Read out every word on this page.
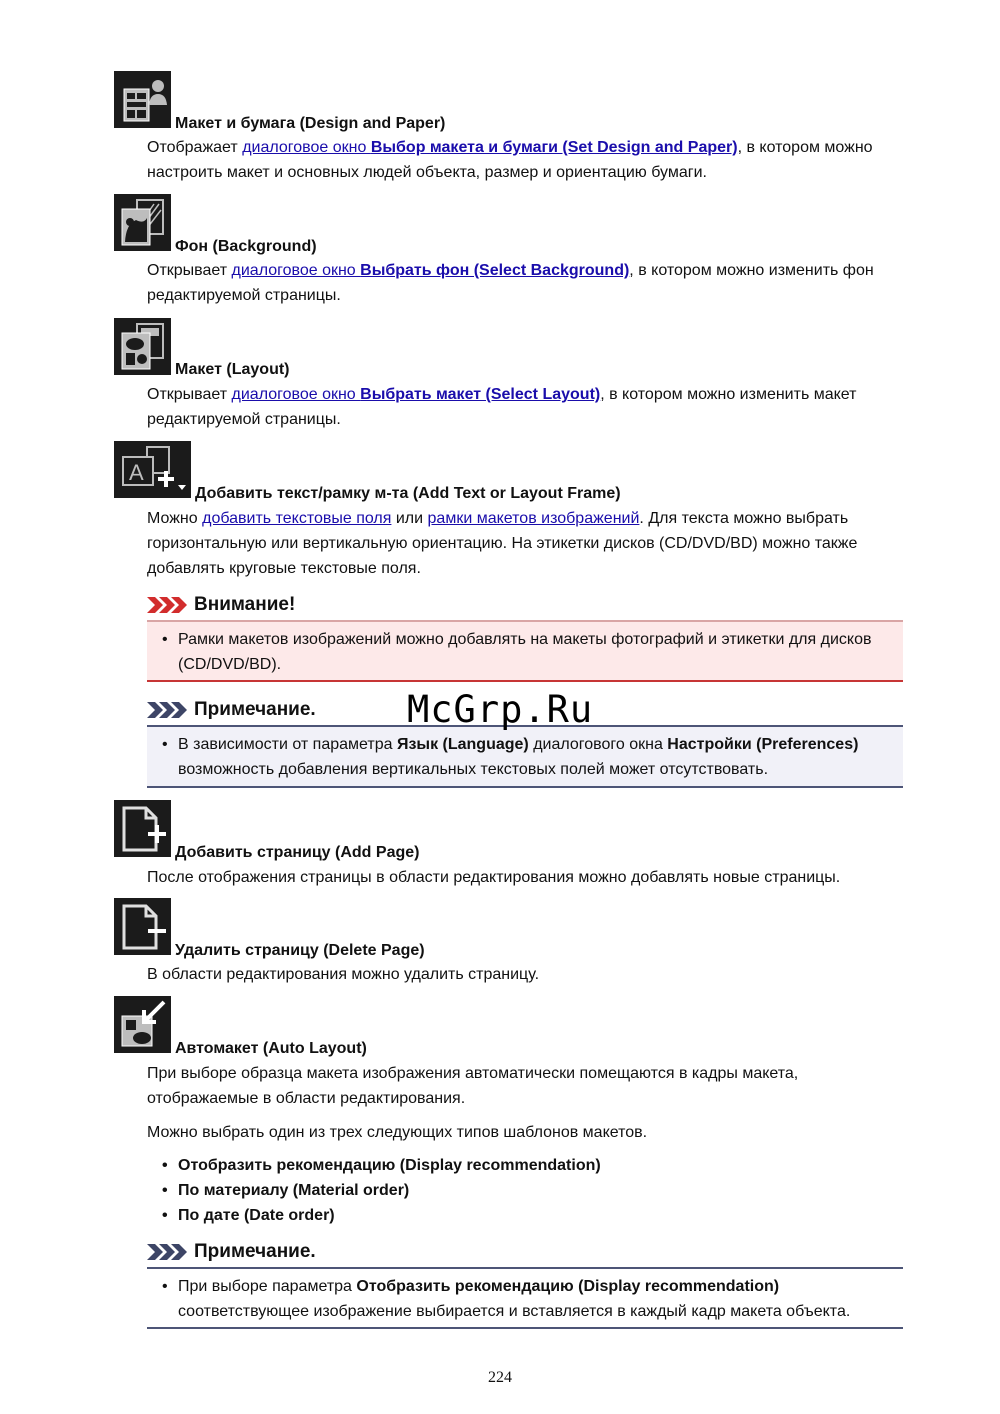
Макет и бумага (Design and Paper)
Отображает диалоговое окно Выбор макета и бумаги (Set Design and Paper), в котором можно настроить макет и основных людей объекта, размер и ориентацию бумаги.
Фон (Background)
Открывает диалоговое окно Выбрать фон (Select Background), в котором можно изменить фон редактируемой страницы.
Макет (Layout)
Открывает диалоговое окно Выбрать макет (Select Layout), в котором можно изменить макет редактируемой страницы.
A
Добавить текст/рамку м-та (Add Text or Layout Frame)
Можно добавить текстовые поля или рамки макетов изображений. Для текста можно выбрать горизонтальную или вертикальную ориентацию. На этикетки дисков (CD/DVD/BD) можно также добавлять круговые текстовые поля.
Внимание!
• Рамки макетов изображений можно добавлять на макеты фотографий и этикетки для дисков (CD/DVD/BD).
Примечание.
• В зависимости от параметра Язык (Language) диалогового окна Настройки (Preferences) возможность добавления вертикальных текстовых полей может отсутствовать.
McGrp.Ru
Добавить страницу (Add Page)
После отображения страницы в области редактирования можно добавлять новые страницы.
Удалить страницу (Delete Page)
В области редактирования можно удалить страницу.
Автомакет (Auto Layout)
При выборе образца макета изображения автоматически помещаются в кадры макета, отображаемые в области редактирования.
Можно выбрать один из трех следующих типов шаблонов макетов.
• Отобразить рекомендацию (Display recommendation)
• По материалу (Material order)
• По дате (Date order)
Примечание.
• При выборе параметра Отобразить рекомендацию (Display recommendation) соответствующее изображение выбирается и вставляется в каждый кадр макета объекта.
224
